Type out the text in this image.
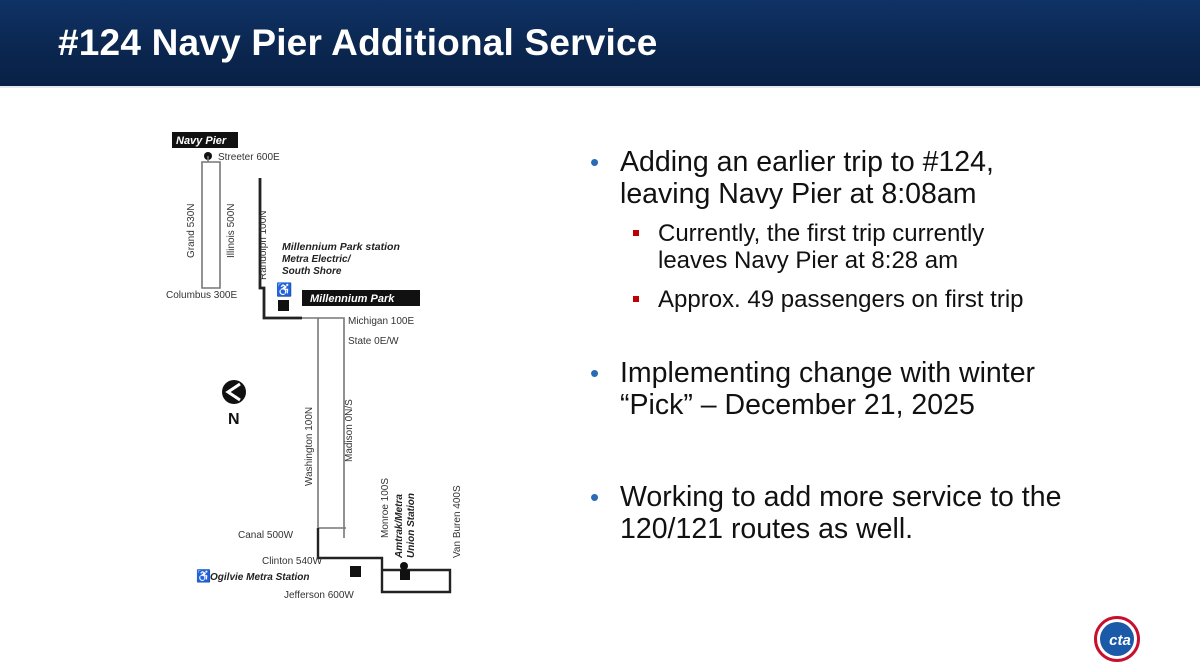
#124 Navy Pier Additional Service
Navy Pier
Streeter 600E
Grand 530N	Illinois 500N Randolph 100N
Columbus 300E
Millennium Park station
Metra Electric/
South Shore
♿
Millennium Park
Michigan 100E
State 0E/W
Washington 100N	Madison 0N/S
N
Canal 500W
Clinton 540W
♿ Ogilvie Metra Station
Jefferson 600W
Monroe 100S Amtrak/Metra Union Station	Van Buren 400S
• Adding an earlier trip to #124,
leaving Navy Pier at 8:08am
Currently, the first trip currently
leaves Navy Pier at 8:28 am
Approx. 49 passengers on first trip
• Implementing change with winter
“Pick” – December 21, 2025
• Working to add more service to the
120/121 routes as well.
cta
